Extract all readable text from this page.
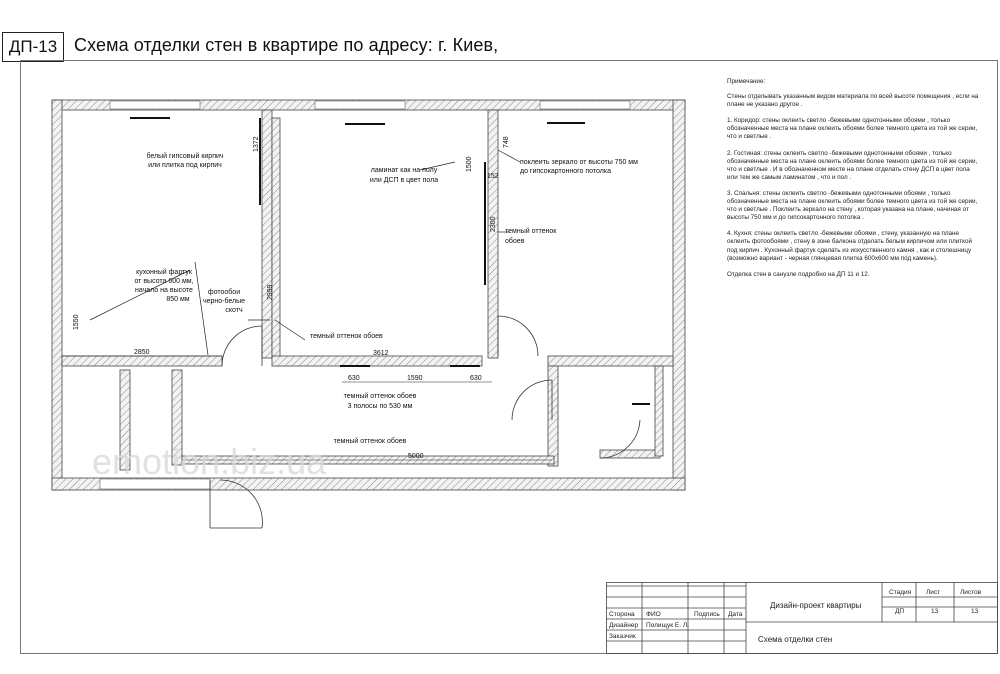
ДП-13 Схема отделки стен в квартире по адресу: г. Киев,
белый гипсовый кирпич
или плитка под кирпич
кухонный фартук
от высота 600 мм,
начало на высоте
850 мм
фотообои
черно-белые
скотч
ламинат как на полу
или ДСП в цвет пола
поклеить зеркало от высоты 750 мм
до гипсокартонного потолка
темный оттенок
обоев
темный оттенок обоев
темный оттенок обоев
3 полосы по 530 мм
темный оттенок обоев
1372
2999
1550
2850
1500
3612
630	1590	630
5000
748
152
2300
emotion.biz.ua

Примечание:

Стены отделывать указанным видом материала по всей высоте помещения , если на плане не указано другое .

1. Коридор: стены оклеить светло -бежевыми однотонными обоями , только обозначенные места на плане оклеить обоями более темного цвета из той же серии, что и светлые .

2. Гостиная: стены оклеить светло -бежевыми однотонными обоями , только обозначенные места на плане оклеить обоями более темного цвета из той же серии, что и светлые . И в обозначенном месте на плане отделать стену ДСП в цвет пола или тем же самым ламинатом , что и пол .

3. Спальня: стены оклеить светло -бежевыми однотонными обоями , только обозначенные места на плане оклеить обоями более темного цвета из той же серии, что и светлые . Поклеить зеркало на стену , которая указана на плане, начиная от высоты 750 мм и до гипсокартонного потолка .

4. Кухня: стены оклеить светло -бежевыми обоями , стену, указанную на плане оклеить фотообоями , стену в зоне балкона отделать белым кирпичом или плиткой под кирпич . Кухонный фартук сделать из искусственного камня , как и столешницу (возможно вариант - черная глянцевая плитка 600х600 мм под камень).

Отделка стен в санузле подробно на ДП 11 и 12.

Стадия Лист	Листов
ДП	13	13
Дизайн-проект квартиры
Схема отделки стен
Сторона ФИО	Подпись Дата
Дизайнер Полищук Е. Л.
Заказчик
